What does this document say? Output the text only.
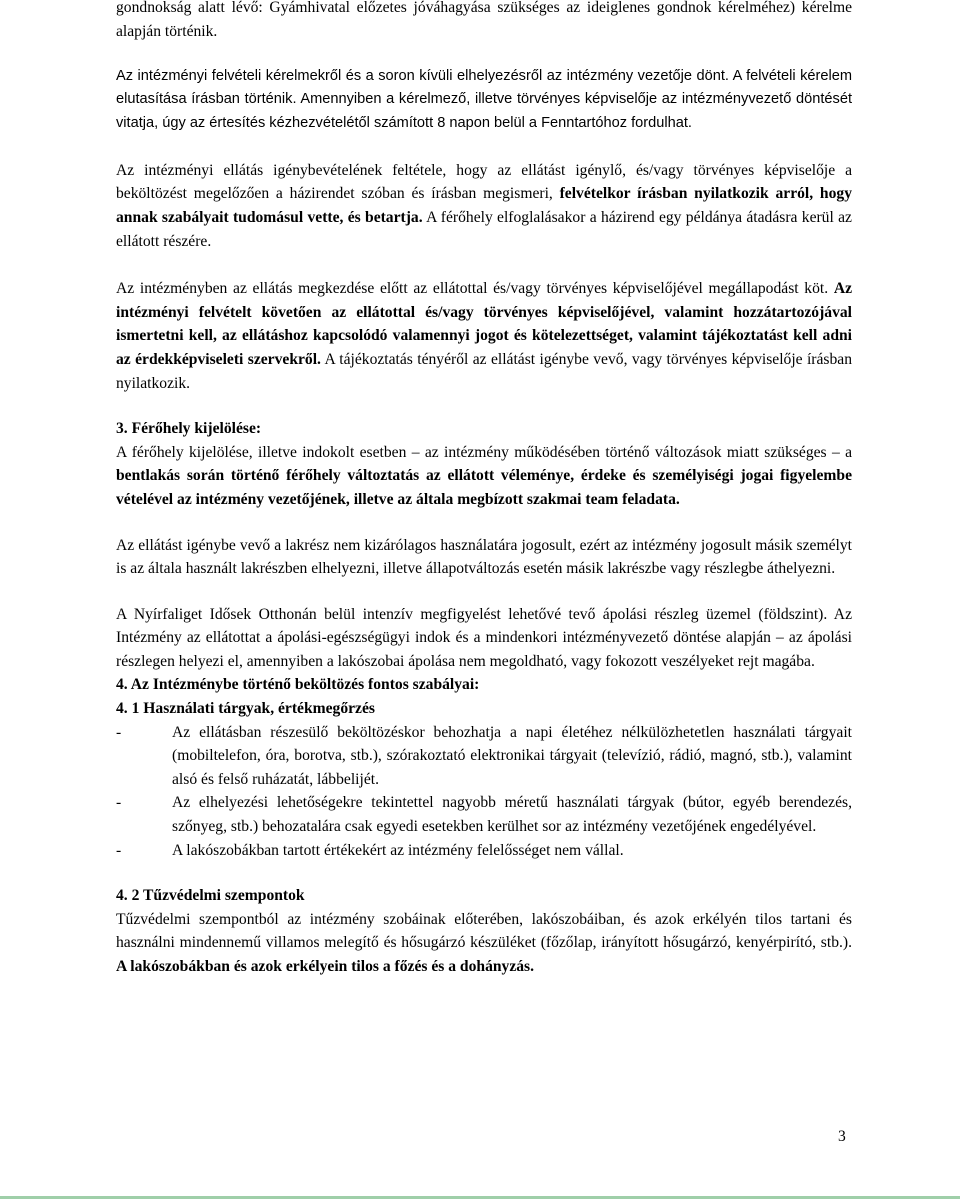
gondnokság alatt lévő: Gyámhivatal előzetes jóváhagyása szükséges az ideiglenes gondnok kérelméhez) kérelme alapján történik.

Az intézményi felvételi kérelmekről és a soron kívüli elhelyezésről az intézmény vezetője dönt. A felvételi kérelem elutasítása írásban történik. Amennyiben a kérelmező, illetve törvényes képviselője az intézményvezető döntését vitatja, úgy az értesítés kézhezvételétől számított 8 napon belül a Fenntartóhoz fordulhat.

Az intézményi ellátás igénybevételének feltétele, hogy az ellátást igénylő, és/vagy törvényes képviselője a beköltözést megelőzően a házirendet szóban és írásban megismeri, felvételkor írásban nyilatkozik arról, hogy annak szabályait tudomásul vette, és betartja. A férőhely elfoglalásakor a házirend egy példánya átadásra kerül az ellátott részére.

Az intézményben az ellátás megkezdése előtt az ellátottal és/vagy törvényes képviselőjével megállapodást köt. Az intézményi felvételt követően az ellátottal és/vagy törvényes képviselőjével, valamint hozzátartozójával ismertetni kell, az ellátáshoz kapcsolódó valamennyi jogot és kötelezettséget, valamint tájékoztatást kell adni az érdekképviseleti szervekről. A tájékoztatás tényéről az ellátást igénybe vevő, vagy törvényes képviselője írásban nyilatkozik.

3. Férőhely kijelölése:

A férőhely kijelölése, illetve indokolt esetben – az intézmény működésében történő változások miatt szükséges – a bentlakás során történő férőhely változtatás az ellátott véleménye, érdeke és személyiségi jogai figyelembe vételével az intézmény vezetőjének, illetve az általa megbízott szakmai team feladata.

Az ellátást igénybe vevő a lakrész nem kizárólagos használatára jogosult, ezért az intézmény jogosult másik személyt is az általa használt lakrészben elhelyezni, illetve állapotváltozás esetén másik lakrészbe vagy részlegbe áthelyezni.

A Nyírfaliget Idősek Otthonán belül intenzív megfigyelést lehetővé tevő ápolási részleg üzemel (földszint). Az Intézmény az ellátottat a ápolási-egészségügyi indok és a mindenkori intézményvezető döntése alapján – az ápolási részlegen helyezi el, amennyiben a lakószobai ápolása nem megoldható, vagy fokozott veszélyeket rejt magába.

4. Az Intézménybe történő beköltözés fontos szabályai:

4. 1 Használati tárgyak, értékmegőrzés

-	Az ellátásban részesülő beköltözéskor behozhatja a napi életéhez nélkülözhetetlen használati tárgyait (mobiltelefon, óra, borotva, stb.), szórakoztató elektronikai tárgyait (televízió, rádió, magnó, stb.), valamint alsó és felső ruházatát, lábbelijét.
-	Az elhelyezési lehetőségekre tekintettel nagyobb méretű használati tárgyak (bútor, egyéb berendezés, szőnyeg, stb.) behozatalára csak egyedi esetekben kerülhet sor az intézmény vezetőjének engedélyével.
-	A lakószobákban tartott értékekért az intézmény felelősséget nem vállal.

4. 2 Tűzvédelmi szempontok

Tűzvédelmi szempontból az intézmény szobáinak előterében, lakószobáiban, és azok erkélyén tilos tartani és használni mindennemű villamos melegítő és hősugárzó készüléket (főzőlap, irányított hősugárzó, kenyérpirító, stb.). A lakószobákban és azok erkélyein tilos a főzés és a dohányzás.

3
